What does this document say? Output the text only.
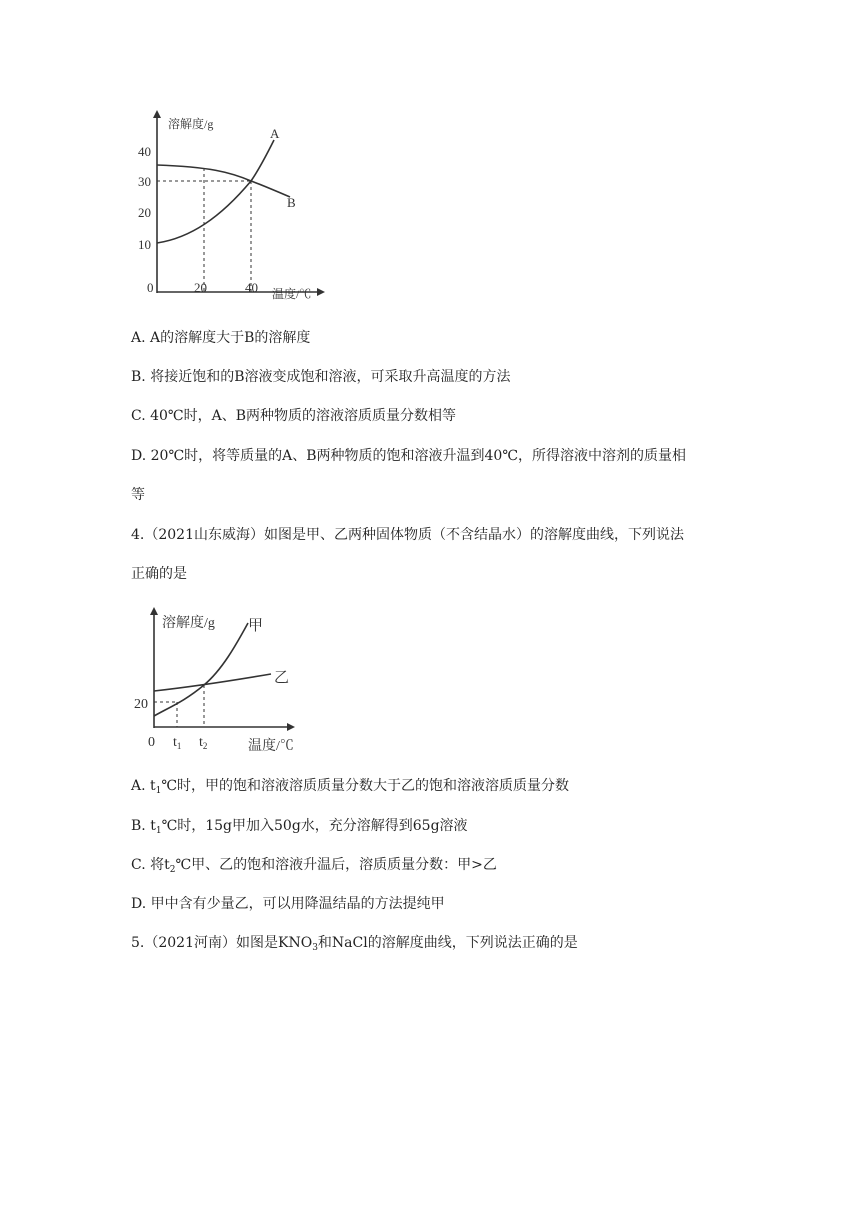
溶解度/g
40
30
20
10
0	20	40 温度/℃
A
B
A. A的溶解度大于B的溶解度
B. 将接近饱和的B溶液变成饱和溶液，可采取升高温度的方法
C. 40℃时，A、B两种物质的溶液溶质质量分数相等
D. 20℃时，将等质量的A、B两种物质的饱和溶液升温到40℃，所得溶液中溶剂的质量相
等
4.（2021山东威海）如图是甲、乙两种固体物质（不含结晶水）的溶解度曲线，下列说法
正确的是
溶解度/g
20
0 $t_1$ $t_2$	温度/℃
甲
乙
A. $t_1℃$时，甲的饱和溶液溶质质量分数大于乙的饱和溶液溶质质量分数
B. $t_1℃$时，15g甲加入50g水，充分溶解得到65g溶液
C. 将$t_2℃$甲、乙的饱和溶液升温后，溶质质量分数：甲>乙
D. 甲中含有少量乙，可以用降温结晶的方法提纯甲
5.（2021河南）如图是$KNO_3$和NaCl的溶解度曲线，下列说法正确的是
